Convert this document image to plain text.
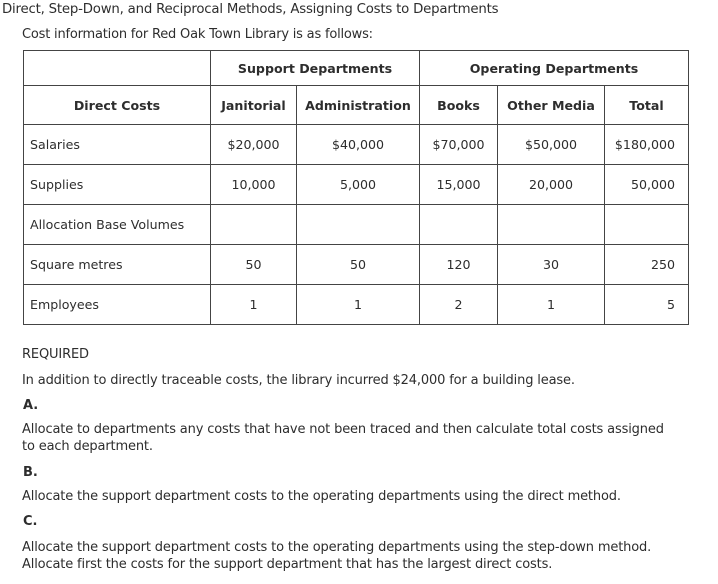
Direct, Step-Down, and Reciprocal Methods, Assigning Costs to Departments
Cost information for Red Oak Town Library is as follows:
	Support Departments		Operating Departments		
Direct Costs	Janitorial	Administration	Books	Other Media	Total
Salaries	$20,000	$40,000	$70,000	$50,000	$180,000
Supplies	10,000	5,000	15,000	20,000	50,000
Allocation Base Volumes					
Square metres	50	50	120	30	250
Employees	1	1	2	1	5
REQUIRED
In addition to directly traceable costs, the library incurred $24,000 for a building lease.
A.
Allocate to departments any costs that have not been traced and then calculate total costs assigned to each department.
B.
Allocate the support department costs to the operating departments using the direct method.
C.
Allocate the support department costs to the operating departments using the step-down method. Allocate first the costs for the support department that has the largest direct costs.
